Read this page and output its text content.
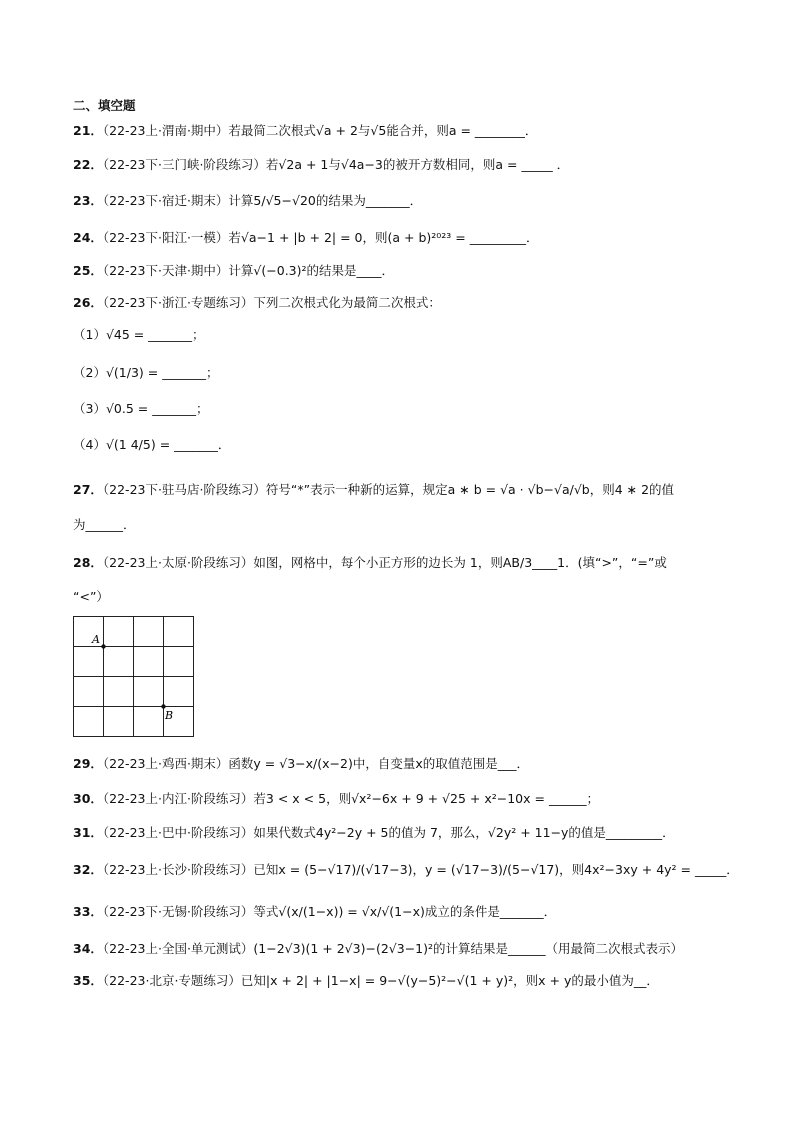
二、填空题
21．（22-23上·渭南·期中）若最简二次根式√a + 2与√5能合并，则a = ________．
22．（22-23下·三门峡·阶段练习）若√2a + 1与√4a−3的被开方数相同，则a = _____ ．
23．（22-23下·宿迁·期末）计算5/√5−√20的结果为_______．
24．（22-23下·阳江·一模）若√a−1 + |b + 2| = 0，则(a + b)²⁰²³ = _________．
25．（22-23下·天津·期中）计算√(−0.3)²的结果是____．
26．（22-23下·浙江·专题练习）下列二次根式化为最简二次根式：
（1）√45 = _______；
（2）√(1/3) = _______；
（3）√0.5 = _______；
（4）√(1 4/5) = _______．
27．（22-23下·驻马店·阶段练习）符号“*”表示一种新的运算，规定a ∗ b = √a · √b−√a/√b，则4 ∗ 2的值
为______．
28．（22-23上·太原·阶段练习）如图，网格中，每个小正方形的边长为 1，则AB/3____1．(填“>”，“=”或
“<”）
A
B
29．（22-23上·鸡西·期末）函数y = √3−x/(x−2)中，自变量x的取值范围是___．
30．（22-23上·内江·阶段练习）若3 < x < 5，则√x²−6x + 9 + √25 + x²−10x = ______；
31．（22-23上·巴中·阶段练习）如果代数式4y²−2y + 5的值为 7，那么，√2y² + 11−y的值是_________．
32．（22-23上·长沙·阶段练习）已知x = (5−√17)/(√17−3)，y = (√17−3)/(5−√17)，则4x²−3xy + 4y² = _____．
33．（22-23下·无锡·阶段练习）等式√(x/(1−x)) = √x/√(1−x)成立的条件是_______．
34．（22-23上·全国·单元测试）(1−2√3)(1 + 2√3)−(2√3−1)²的计算结果是______（用最简二次根式表示）
35．（22-23·北京·专题练习）已知|x + 2| + |1−x| = 9−√(y−5)²−√(1 + y)²，则x + y的最小值为__．
